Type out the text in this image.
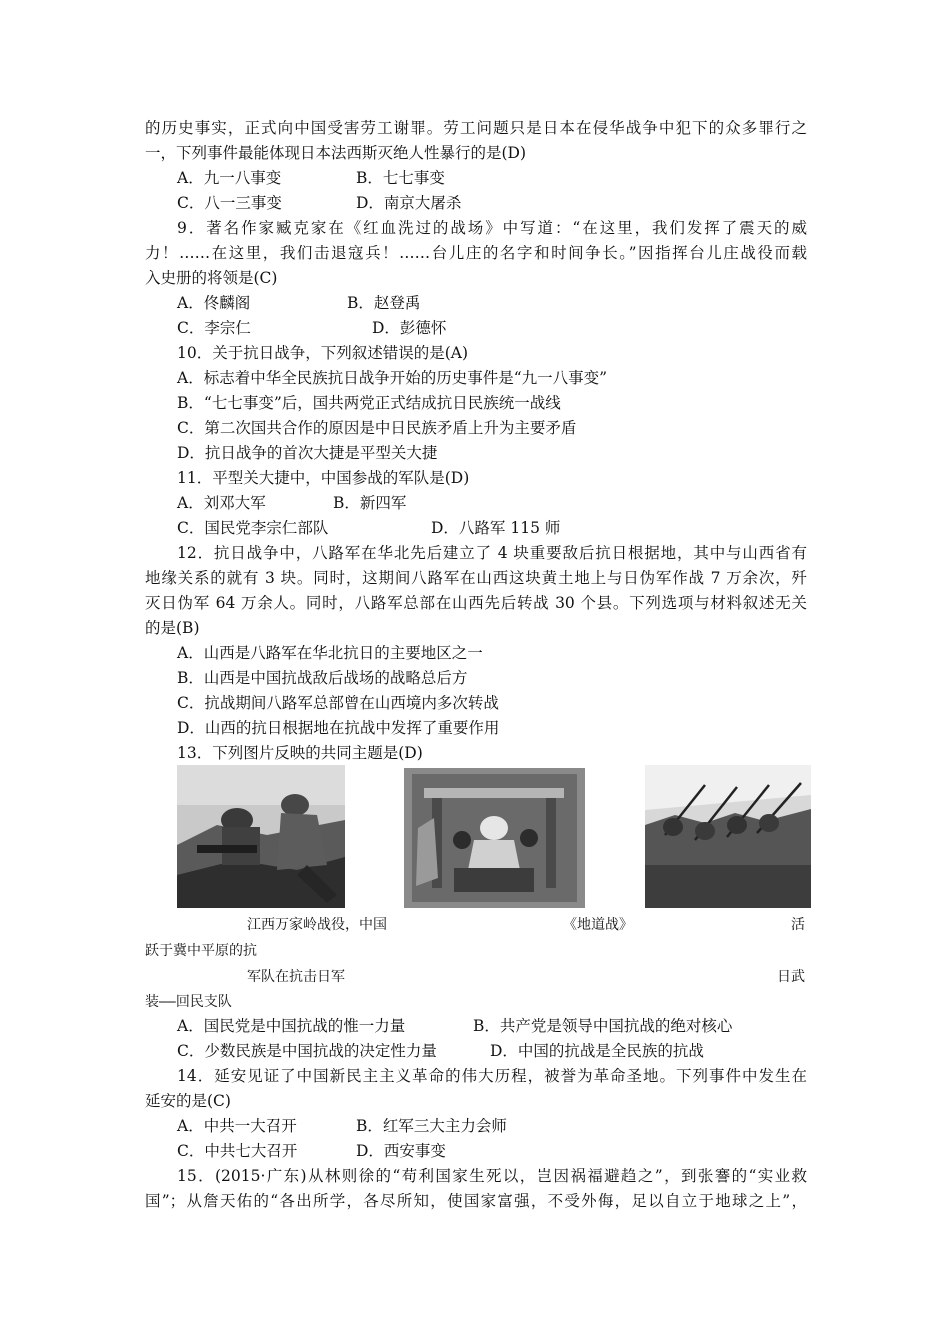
的历史事实，正式向中国受害劳工谢罪。劳工问题只是日本在侵华战争中犯下的众多罪行之
一，下列事件最能体现日本法西斯灭绝人性暴行的是(D)
A．九一八事变	B．七七事变
C．八一三事变	D．南京大屠杀
9．著名作家臧克家在《红血洗过的战场》中写道：“在这里，我们发挥了震天的威
力！……在这里，我们击退寇兵！……台儿庄的名字和时间争长。”因指挥台儿庄战役而载
入史册的将领是(C)
A．佟麟阁	B．赵登禹
C．李宗仁	D．彭德怀
10．关于抗日战争，下列叙述错误的是(A)
A．标志着中华全民族抗日战争开始的历史事件是“九一八事变”
B．“七七事变”后，国共两党正式结成抗日民族统一战线
C．第二次国共合作的原因是中日民族矛盾上升为主要矛盾
D．抗日战争的首次大捷是平型关大捷
11．平型关大捷中，中国参战的军队是(D)
A．刘邓大军	B．新四军
C．国民党李宗仁部队	D．八路军 115 师
12．抗日战争中，八路军在华北先后建立了 4 块重要敌后抗日根据地，其中与山西省有
地缘关系的就有 3 块。同时，这期间八路军在山西这块黄土地上与日伪军作战 7 万余次，歼
灭日伪军 64 万余人。同时，八路军总部在山西先后转战 30 个县。下列选项与材料叙述无关
的是(B)
A．山西是八路军在华北抗日的主要地区之一
B．山西是中国抗战敌后战场的战略总后方
C．抗战期间八路军总部曾在山西境内多次转战
D．山西的抗日根据地在抗战中发挥了重要作用
13．下列图片反映的共同主题是(D)
江西万家岭战役，中国	《地道战》	活
跃于冀中平原的抗
军队在抗击日军	日武
装——回民支队
A．国民党是中国抗战的惟一力量	B．共产党是领导中国抗战的绝对核心
C．少数民族是中国抗战的决定性力量	D．中国的抗战是全民族的抗战
14．延安见证了中国新民主主义革命的伟大历程，被誉为革命圣地。下列事件中发生在
延安的是(C)
A．中共一大召开	B．红军三大主力会师
C．中共七大召开	D．西安事变
15．(2015·广东)从林则徐的“苟利国家生死以，岂因祸福避趋之”，到张謇的“实业救
国”；从詹天佑的“各出所学，各尽所知，使国家富强，不受外侮，足以自立于地球之上”，
